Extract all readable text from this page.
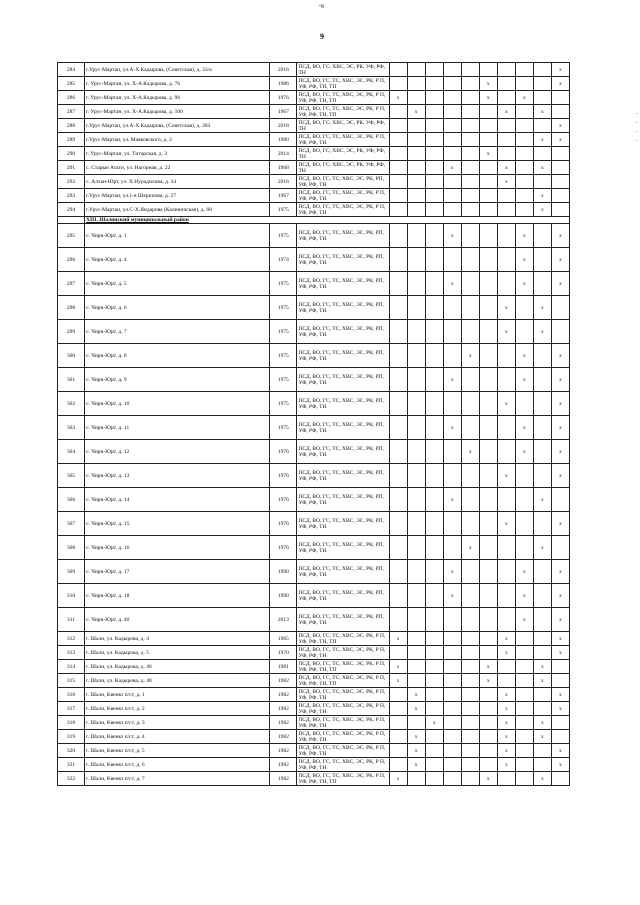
·ч
9
284	г.Урус-Мартан, ул.А-Х.Кадырова, (Советская), д. 33/а	2016	ПСД, ВО, ГС, ХВС, ЭС, РК, УФ, РФ, ТН										x
285	г. Урус-Мартан, ул. Х-А.Кадырова, д. 76	1986	ПСД, ВО, ГС, ТС, ХВС, ЭС, РК, Р П, УФ, РФ, ТН, ТП						x				x
286	г. Урус-Мартан, ул. Х-А.Кадырова, д. 96	1976	ПСД, ВО, ГС, ТС, ХВС, ЭС, РК, Р П, УФ, РФ, ТН, ТП	x					x		x		
287	г. Урус-Мартан, ул. Х-А.Кадырова, д. 100	1967	ПСД, ВО, ГС, ТС, ХВС, ЭС, РК, Р П, УФ, РФ, ТН, ТП		x					x		x	
288	г.Урус-Мартан, ул.А-Х.Кадырова, (Советская), д. 283	2018	ПСД, ВО, ГС, ХВС, ЭС, РК, УФ, РФ, ТН										x
289	г.Урус-Мартан, ул. Маяковского, д. 2	1980	ПСД, ВО, ГС, ТС, ХВС, ЭС, РК, Р П, УФ, РФ, ТН									x	x
290	г. Урус-Мартан, ул. Титарская, д. 3	2014	ПСД, ВО, ГС, ХВС, ЭС, РК, УФ, РФ, ТН						x				
291	с. Старые Атаги, ул. Нагорная, д. 22	1968	ПСД, ВО, ГС, ХВС, ЭС, РК, УФ, РФ, ТН				x			x		x	
292	с. Алхан-Юрт, ул. Х.Нурадилова, д. 34	2016	ПСД, ВО, ГС, ТС, ХВС, ЭС, РК, РП, УФ, РФ, ТН							x			
293	г.Урус-Мартан, ул.1-я Шерипова, д. 27	1967	ПСД, ВО, ГС, ТС, ХВС, ЭС, РК, Р П, УФ, РФ, ТН									x	
294	г.Урус-Мартан, ул.С-Х.Яндарова (Калиничская), д. 68	1975	ПСД, ВО, ГС, ТС, ХВС, ЭС, РК, Р П, УФ, РФ, ТН									x	
	XIII. Шалинский муниципальный район												
295	с. Чири-Юрт, д. 1	1975	ПСД, ВО, ГС, ТС, ХВС, ЭС, РК, РП, УФ, РФ, ТН				x				x		x
296	с. Чири-Юрт, д. 4	1974	ПСД, ВО, ГС, ТС, ХВС, ЭС, РК, РП, УФ, РФ, ТН								x		x
297	с. Чири-Юрт, д. 5	1975	ПСД, ВО, ГС, ТС, ХВС, ЭС, РК, РП, УФ, РФ, ТН				x				x		x
298	с. Чири-Юрт, д. 6	1975	ПСД, ВО, ГС, ТС, ХВС, ЭС, РК, РП, УФ, РФ, ТН							x		x	
299	с. Чири-Юрт, д. 7	1975	ПСД, ВО, ГС, ТС, ХВС, ЭС, РК, РП, УФ, РФ, ТН							x		x	
300	с. Чири-Юрт, д. 8	1975	ПСД, ВО, ГС, ТС, ХВС, ЭС, РК, РП, УФ, РФ, ТН					x			x		x
301	с. Чири-Юрт, д. 9	1975	ПСД, ВО, ГС, ТС, ХВС, ЭС, РК, РП, УФ, РФ, ТН				x				x		x
302	с. Чири-Юрт, д. 10	1975	ПСД, ВО, ГС, ТС, ХВС, ЭС, РК, РП, УФ, РФ, ТН							x			x
303	с. Чири-Юрт, д. 11	1975	ПСД, ВО, ГС, ТС, ХВС, ЭС, РК, РП, УФ, РФ, ТН				x				x		x
304	с. Чири-Юрт, д. 12	1976	ПСД, ВО, ГС, ТС, ХВС, ЭС, РК, РП, УФ, РФ, ТН					x			x		x
305	с. Чири-Юрт, д. 13	1976	ПСД, ВО, ГС, ТС, ХВС, ЭС, РК, РП, УФ, РФ, ТН							x			x
306	с. Чири-Юрт, д. 14	1976	ПСД, ВО, ГС, ТС, ХВС, ЭС, РК, РП, УФ, РФ, ТН				x					x	
307	с. Чири-Юрт, д. 15	1976	ПСД, ВО, ГС, ТС, ХВС, ЭС, РК, РП, УФ, РФ, ТН							x			x
308	с. Чири-Юрт, д. 16	1976	ПСД, ВО, ГС, ТС, ХВС, ЭС, РК, РП, УФ, РФ, ТН					x				x	
309	с. Чири-Юрт, д. 17	1990	ПСД, ВО, ГС, ТС, ХВС, ЭС, РК, РП, УФ, РФ, ТН				x				x		x
310	с. Чири-Юрт, д. 18	1990	ПСД, ВО, ГС, ТС, ХВС, ЭС, РК, РП, УФ, РФ, ТН				x				x		x
311	с. Чири-Юрт, д. 40	2013	ПСД, ВО, ГС, ТС, ХВС, ЭС, РК, РП, УФ, РФ, ТН								x		x
312	г. Шали, ул. Кадырова, д. 4	1965	ПСД, ВО, ГС, ТС, ХВС, ЭС, РК, Р П, УФ, РФ, ТН, ТП	x						x			x
313	г. Шали, ул. Кадырова, д. 5	1970	ПСД, ВО, ГС, ТС, ХВС, ЭС, РК, Р П, УФ, РФ, ТН							x			x
314	г. Шали, ул. Кадырова, д. 46	1981	ПСД, ВО, ГС, ТС, ХВС, ЭС, РК, Р П, УФ, РФ, ТН, ТП	x					x			x	
315	г. Шали, ул. Кадырова, д. 48	1982	ПСД, ВО, ГС, ТС, ХВС, ЭС, РК, Р П, УФ, РФ, ТН, ТП	x					x			x	
316	г. Шали, Квенкз п/ст, д. 1	1982	ПСД, ВО, ГС, ТС, ХВС, ЭС, РК, Р П, УФ, РФ, ТН		x					x			x
317	г. Шали, Квенкз п/ст, д. 2	1982	ПСД, ВО, ГС, ТС, ХВС, ЭС, РК, Р П, УФ, РФ, ТН		x					x			x
318	г. Шали, Квенкз п/ст, д. 3	1982	ПСД, ВО, ГС, ТС, ХВС, ЭС, РК, Р П, УФ, РФ, ТН			x				x		x	
319	г. Шали, Квенкз п/ст, д. 4	1982	ПСД, ВО, ГС, ТС, ХВС, ЭС, РК, Р П, УФ, РФ, ТН		x					x		x	
320	г. Шали, Квенкз п/ст, д. 5	1982	ПСД, ВО, ГС, ТС, ХВС, ЭС, РК, Р П, УФ, РФ, ТН		x					x			x
321	г. Шали, Квенкз п/ст, д. 6	1982	ПСД, ВО, ГС, ТС, ХВС, ЭС, РК, Р П, УФ, РФ, ТН		x					x			x
322	г. Шали, Квенкз п/ст, д. 7	1982	ПСД, ВО, ГС, ТС, ХВС, ЭС, РК, Р П, УФ, РФ, ТН, ТП	x					x			x	
·
·
·
·
